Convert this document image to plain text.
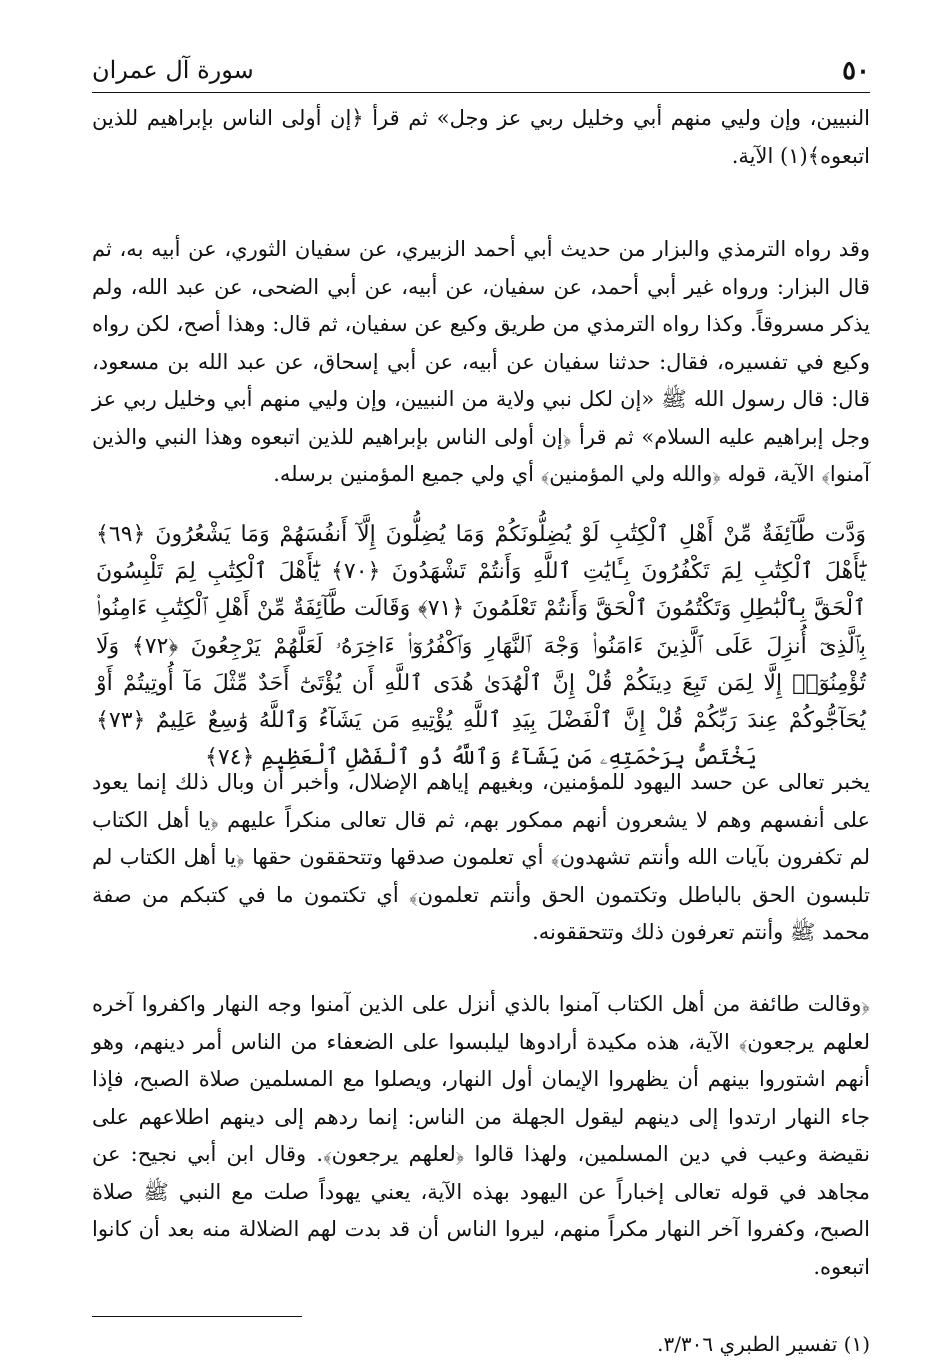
٥٠
سورة آل عمران

النبيين، وإن وليي منهم أبي وخليل ربي عز وجل» ثم قرأ ﴿إن أولى الناس بإبراهيم للذين اتبعوه﴾(١) الآية.

وقد رواه الترمذي والبزار من حديث أبي أحمد الزبيري، عن سفيان الثوري، عن أبيه به، ثم قال البزار: ورواه غير أبي أحمد، عن سفيان، عن أبيه، عن أبي الضحى، عن عبد الله، ولم يذكر مسروقاً. وكذا رواه الترمذي من طريق وكيع عن سفيان، ثم قال: وهذا أصح، لكن رواه وكيع في تفسيره، فقال: حدثنا سفيان عن أبيه، عن أبي إسحاق، عن عبد الله بن مسعود، قال: قال رسول الله ﷺ «إن لكل نبي ولاية من النبيين، وإن وليي منهم أبي وخليل ربي عز وجل إبراهيم عليه السلام» ثم قرأ ﴿إن أولى الناس بإبراهيم للذين اتبعوه وهذا النبي والذين آمنوا﴾ الآية، قوله ﴿والله ولي المؤمنين﴾ أي ولي جميع المؤمنين برسله.

وَدَّت طَّآئِفَةٌ مِّنْ أَهْلِ ٱلْكِتَٰبِ لَوْ يُضِلُّونَكُمْ وَمَا يُضِلُّونَ إِلَّآ أَنفُسَهُمْ وَمَا يَشْعُرُونَ ﴿٦٩﴾ يَٰٓأَهْلَ ٱلْكِتَٰبِ لِمَ تَكْفُرُونَ بِـَٔايَٰتِ ٱللَّهِ وَأَنتُمْ تَشْهَدُونَ ﴿٧٠﴾ يَٰٓأَهْلَ ٱلْكِتَٰبِ لِمَ تَلْبِسُونَ ٱلْحَقَّ بِٱلْبَٰطِلِ وَتَكْتُمُونَ ٱلْحَقَّ وَأَنتُمْ تَعْلَمُونَ ﴿٧١﴾ وَقَالَت طَّآئِفَةٌ مِّنْ أَهْلِ ٱلْكِتَٰبِ ءَامِنُوا۟ بِٱلَّذِىٓ أُنزِلَ عَلَى ٱلَّذِينَ ءَامَنُوا۟ وَجْهَ ٱلنَّهَارِ وَٱكْفُرُوٓا۟ ءَاخِرَهُۥ لَعَلَّهُمْ يَرْجِعُونَ ﴿٧٢﴾ وَلَا تُؤْمِنُوٓا۟ إِلَّا لِمَن تَبِعَ دِينَكُمْ قُلْ إِنَّ ٱلْهُدَىٰ هُدَى ٱللَّهِ أَن يُؤْتَىٰٓ أَحَدٌ مِّثْلَ مَآ أُوتِيتُمْ أَوْ يُحَآجُّوكُمْ عِندَ رَبِّكُمْ قُلْ إِنَّ ٱلْفَضْلَ بِيَدِ ٱللَّهِ يُؤْتِيهِ مَن يَشَآءُ وَٱللَّهُ وَٰسِعٌ عَلِيمٌ ﴿٧٣﴾ يَخْتَصُّ بِرَحْمَتِهِۦ مَن يَشَآءُ وَٱللَّهُ ذُو ٱلْفَضْلِ ٱلْعَظِيمِ ﴿٧٤﴾

يخبر تعالى عن حسد اليهود للمؤمنين، وبغيهم إياهم الإضلال، وأخبر أن وبال ذلك إنما يعود على أنفسهم وهم لا يشعرون أنهم ممكور بهم، ثم قال تعالى منكراً عليهم ﴿يا أهل الكتاب لم تكفرون بآيات الله وأنتم تشهدون﴾ أي تعلمون صدقها وتتحققون حقها ﴿يا أهل الكتاب لم تلبسون الحق بالباطل وتكتمون الحق وأنتم تعلمون﴾ أي تكتمون ما في كتبكم من صفة محمد ﷺ وأنتم تعرفون ذلك وتتحققونه.

﴿وقالت طائفة من أهل الكتاب آمنوا بالذي أنزل على الذين آمنوا وجه النهار واكفروا آخره لعلهم يرجعون﴾ الآية، هذه مكيدة أرادوها ليلبسوا على الضعفاء من الناس أمر دينهم، وهو أنهم اشتوروا بينهم أن يظهروا الإيمان أول النهار، ويصلوا مع المسلمين صلاة الصبح، فإذا جاء النهار ارتدوا إلى دينهم ليقول الجهلة من الناس: إنما ردهم إلى دينهم اطلاعهم على نقيضة وعيب في دين المسلمين، ولهذا قالوا ﴿لعلهم يرجعون﴾. وقال ابن أبي نجيح: عن مجاهد في قوله تعالى إخباراً عن اليهود بهذه الآية، يعني يهوداً صلت مع النبي ﷺ صلاة الصبح، وكفروا آخر النهار مكراً منهم، ليروا الناس أن قد بدت لهم الضلالة منه بعد أن كانوا اتبعوه.

(١) تفسير الطبري ٣/٣٠٦.
